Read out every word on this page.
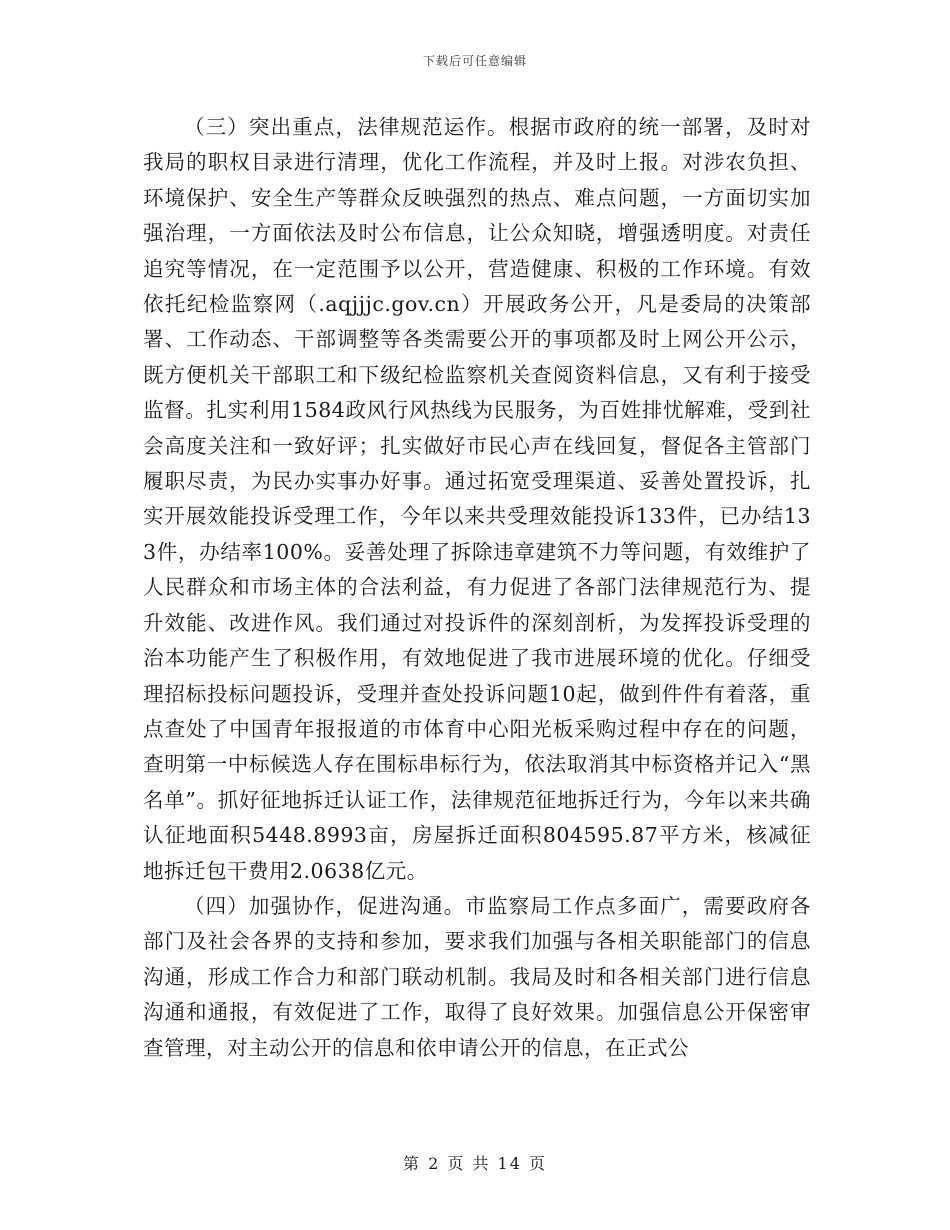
下载后可任意编辑

（三）突出重点，法律规范运作。根据市政府的统一部署，及时对我局的职权目录进行清理，优化工作流程，并及时上报。对涉农负担、环境保护、安全生产等群众反映强烈的热点、难点问题，一方面切实加强治理，一方面依法及时公布信息，让公众知晓，增强透明度。对责任追究等情况，在一定范围予以公开，营造健康、积极的工作环境。有效依托纪检监察网（.aqjjjc.gov.cn）开展政务公开，凡是委局的决策部署、工作动态、干部调整等各类需要公开的事项都及时上网公开公示，既方便机关干部职工和下级纪检监察机关查阅资料信息，又有利于接受监督。扎实利用1584政风行风热线为民服务，为百姓排忧解难，受到社会高度关注和一致好评；扎实做好市民心声在线回复，督促各主管部门履职尽责，为民办实事办好事。通过拓宽受理渠道、妥善处置投诉，扎实开展效能投诉受理工作，今年以来共受理效能投诉133件，已办结133件，办结率100%。妥善处理了拆除违章建筑不力等问题，有效维护了人民群众和市场主体的合法利益，有力促进了各部门法律规范行为、提升效能、改进作风。我们通过对投诉件的深刻剖析，为发挥投诉受理的治本功能产生了积极作用，有效地促进了我市进展环境的优化。仔细受理招标投标问题投诉，受理并查处投诉问题10起，做到件件有着落，重点查处了中国青年报报道的市体育中心阳光板采购过程中存在的问题，查明第一中标候选人存在围标串标行为，依法取消其中标资格并记入“黑名单”。抓好征地拆迁认证工作，法律规范征地拆迁行为，今年以来共确认征地面积5448.8993亩，房屋拆迁面积804595.87平方米，核减征地拆迁包干费用2.0638亿元。

（四）加强协作，促进沟通。市监察局工作点多面广，需要政府各部门及社会各界的支持和参加，要求我们加强与各相关职能部门的信息沟通，形成工作合力和部门联动机制。我局及时和各相关部门进行信息沟通和通报，有效促进了工作，取得了良好效果。加强信息公开保密审查管理，对主动公开的信息和依申请公开的信息，在正式公

第 2 页 共 14 页
